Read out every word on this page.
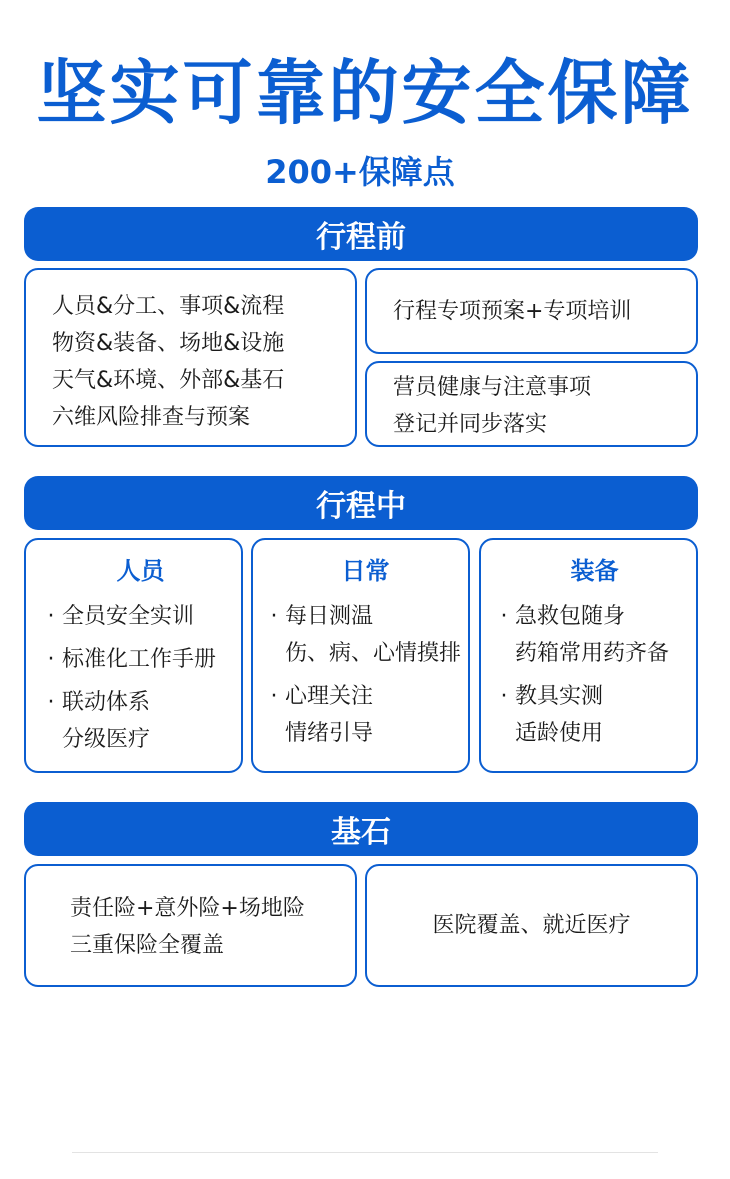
坚实可靠的安全保障
200+保障点
行程前
人员&分工、事项&流程
物资&装备、场地&设施
天气&环境、外部&基石
六维风险排查与预案
行程专项预案+专项培训
营员健康与注意事项
登记并同步落实
行程中
人员
· 全员安全实训
· 标准化工作手册
· 联动体系
分级医疗
日常
· 每日测温
伤、病、心情摸排
· 心理关注
情绪引导
装备
· 急救包随身
药箱常用药齐备
· 教具实测
适龄使用
基石
责任险+意外险+场地险
三重保险全覆盖
医院覆盖、就近医疗
